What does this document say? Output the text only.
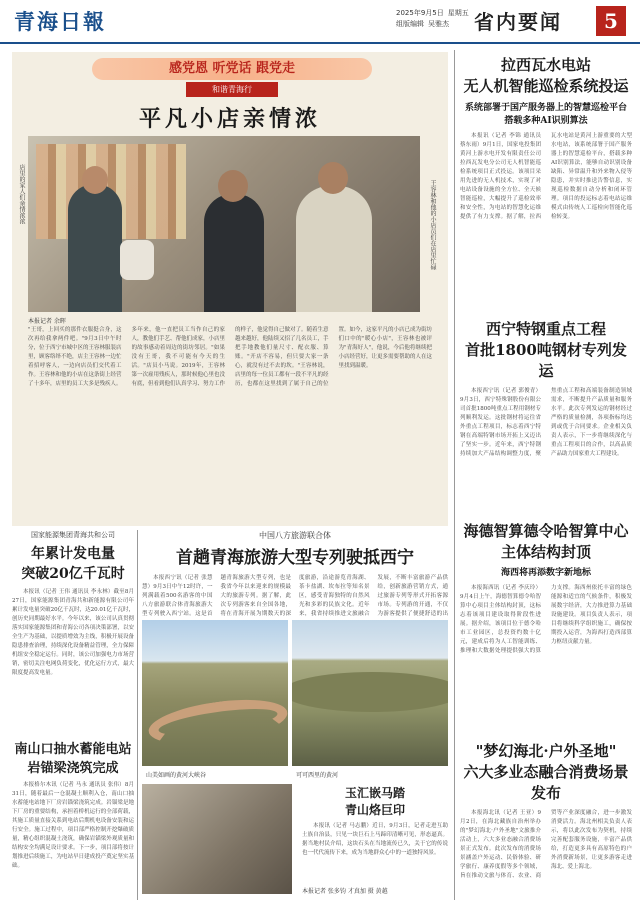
青海日報	2025年9月5日 星期五
组版编辑 吴雅杰	省内要闻	5
感党恩 听党话 跟党走
和谐青海行
平凡小店亲情浓
店里的家人们亲情浓浓	王容林和他的小店员们在店里忙碌
本报记者 余晖
"王哥，上回买的那件衣服挺合身，这次再给我拿两件吧。"9月3日中午时分，位于西宁市城中区的王容林服装店里，顾客络绎不绝，店主王容林一边忙着招呼客人，一边向店员们交代着工作。王容林和他的小店在这条街上经营了十多年，店里的员工大多是残疾人。多年来，他一直把员工当作自己的家人，教他们手艺、帮他们成家，小店里的故事感动着周边的街坊邻居。"如果没有王哥，我不可能有今天的生活。"店员小马说。2019年，王容林第一次雇用残疾人，那时候他心里也没有底，但看到他们认真学习、努力工作的样子，他觉得自己做对了。随着生意越来越好，他陆续又招了几名员工，手把手地教他们量尺寸、配衣服、算账。"开店不容易，但只要大家一条心，就没有过不去的坎。"王容林说，店里的每一位员工都有一段不平凡的经历，也都在这里找到了属于自己的位置。如今，这家平凡的小店已成为街坊们口中的"暖心小店"，王容林也被评为"青海好人"，他说，今后他将继续把小店经营好，让更多需要帮助的人在这里找到温暖。
拉西瓦水电站
无人机智能巡检系统投运
系统部署于国产服务器上的智慧巡检平台
搭载多种AI识别算法
本报讯（记者 李锦 通讯员 蔡东雨）9月1日，国家电投集团黄河上游水电开发有限责任公司拉西瓦发电分公司无人机智能巡检系统项目正式投运。该项目采用先进的无人机技术，实现了对电站设备设施的全方位、全天候智能巡检，大幅提升了巡检效率和安全性，为电站的智慧化运维提供了有力支撑。据了解，拉西瓦水电站是黄河上游重要的大型水电站，该系统部署于国产服务器上的智慧巡检平台，搭载多种AI识别算法，能够自动识别设备缺陷、异常温升和外来物入侵等隐患，并实时推送告警信息，实现巡检数据自动分析和闭环管理。项目的投运标志着电站运维模式由传统人工巡检向智能化巡检转变。
西宁特钢重点工程
首批1800吨钢材专列发运
本报西宁讯（记者 郭俊青）9月3日，西宁特殊钢股份有限公司首批1800吨重点工程用钢材专列顺利发运。这批钢材将运往省外重点工程项目，标志着西宁特钢在高端特钢市场开拓上又迈出了坚实一步。近年来，西宁特钢持续加大产品结构调整力度，聚焦重点工程和高端装备制造领域需求，不断提升产品质量和服务水平。此次专列发运的钢材经过严格的质量检测，各项指标均达到或优于合同要求。企业相关负责人表示，下一步将继续深化与重点工程项目的合作，以高品质产品助力国家重大工程建设。
海德智算德令哈智算中心
主体结构封顶
海西将再添数字新地标
本报海西讯（记者 李庆玲）9月4日上午，海德智算德令哈智算中心项目主体结构封顶，这标志着该项目建设取得阶段性进展。据介绍，该项目位于德令哈市工业园区，总投资约数十亿元，建成后将为人工智能训练、推理和大数据处理提供强大的算力支撑。海西州依托丰富的绿色能源和适宜的气候条件，积极发展数字经济，大力推进算力基础设施建设。项目负责人表示，项目将继续科学组织施工，确保按期投入运营，为海西打造西部算力枢纽贡献力量。
"梦幻海北·户外圣地"
六大多业态融合消费场景发布
本报海北讯（记者 王亚）9月2日，在海北藏族自治州举办的"梦幻海北·户外圣地"文旅推介活动上，六大多业态融合消费场景正式发布。此次发布的消费场景涵盖户外运动、民俗体验、研学旅行、康养度假等多个领域，旨在推动文旅与体育、农业、商贸等产业深度融合，进一步激发消费活力。海北州相关负责人表示，将以此次发布为契机，持续完善配套服务设施，丰富产品供给，打造更多具有高原特色的户外消费新场景，让更多游客走进海北、爱上海北。
国家能源集团青海共和公司
年累计发电量
突破20亿千瓦时
本报讯（记者 王伟 通讯员 李永林）截至8月27日，国家能源集团青海共和新能源有限公司年累计发电量突破20亿千瓦时，达20.01亿千瓦时，创历史同期最好水平。今年以来，该公司认真贯彻落实国家能源集团和青海公司各项决策部署，以安全生产为基础，以提质增效为主线，积极开展设备隐患排查治理，持续深化设备精益管理，全力保障机组安全稳定运行。同时，该公司加强电力市场营销，密切关注电网负荷变化，优化运行方式，最大限度提高发电量。
南山口抽水蓄能电站
岩锚梁浇筑完成
本报格尔木讯（记者 马永 通讯员 张伟）8月31日，随着最后一仓混凝土顺利入仓，南山口抽水蓄能电站地下厂房岩锚梁浇筑完成。岩锚梁是地下厂房的重要结构，承担着桥机运行的全部荷载，其施工质量直接关系到电站后期机电设备安装和运行安全。施工过程中，项目部严格控制开挖爆破质量，精心组织混凝土浇筑，确保岩锚梁外观质量和结构安全均满足设计要求。下一步，项目部将按计划推进后续施工，为电站早日建成投产奠定坚实基础。
中国八方旅游联合体
首趟青海旅游大型专列驶抵西宁
本报西宁讯（记者 张慧慧）9月3日中午12时许，一列满载着500名游客的中国八方旅游联合体青海旅游大型专列驶入西宁站。这是首趟青海旅游大型专列，也是我省今年以来迎来的规模最大的旅游专列。据了解，此次专列游客来自全国各地，将在青海开展为期数天的深度旅游，沿途游览青海湖、茶卡盐湖、坎布拉等知名景区，感受青海独特的自然风光和多彩的民族文化。近年来，我省持续推进文旅融合发展，不断丰富旅游产品供给，创新旅游营销方式，通过旅游专列等形式开拓客源市场。专列游的开通，不仅为游客提供了便捷舒适的出
山美如画的黄河大峡谷	可可西里的黄河
玉汇嵌马踏
青山烙巨印
本报讯（记者 马志鹏）近日，9月3日，记者走进互助土族自治县，只见一块巨石上马蹄印清晰可见，形态逼真。据当地村民介绍，这块石头在当地流传已久，关于它的传说也一代代流传下来，成为当地群众心中的一道独特风景。
本报记者 张多钧 才真加 摄 黄越
